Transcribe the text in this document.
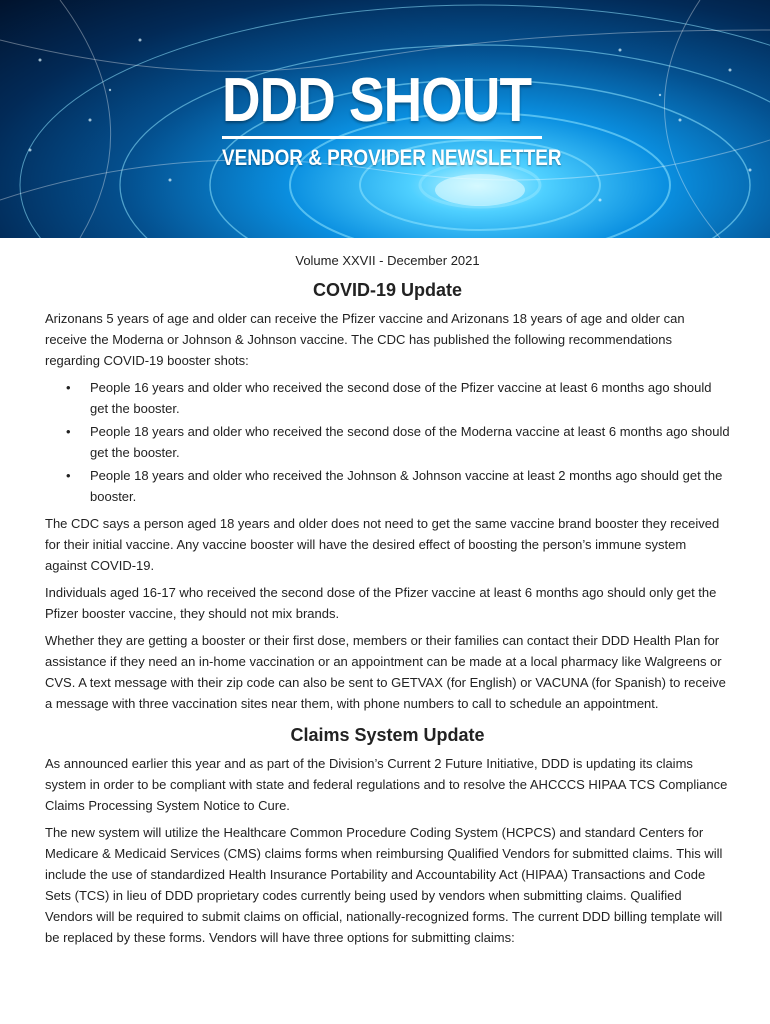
DDD SHOUT
VENDOR & PROVIDER NEWSLETTER
Volume XXVII - December 2021
COVID-19 Update

Arizonans 5 years of age and older can receive the Pfizer vaccine and Arizonans 18 years of age and older can receive the Moderna or Johnson & Johnson vaccine. The CDC has published the following recommendations regarding COVID-19 booster shots:

• People 16 years and older who received the second dose of the Pfizer vaccine at least 6 months ago should get the booster.
• People 18 years and older who received the second dose of the Moderna vaccine at least 6 months ago should get the booster.
• People 18 years and older who received the Johnson & Johnson vaccine at least 2 months ago should get the booster.

The CDC says a person aged 18 years and older does not need to get the same vaccine brand booster they received for their initial vaccine. Any vaccine booster will have the desired effect of boosting the person’s immune system against COVID-19.

Individuals aged 16-17 who received the second dose of the Pfizer vaccine at least 6 months ago should only get the Pfizer booster vaccine, they should not mix brands.

Whether they are getting a booster or their first dose, members or their families can contact their DDD Health Plan for assistance if they need an in-home vaccination or an appointment can be made at a local pharmacy like Walgreens or CVS. A text message with their zip code can also be sent to GETVAX (for English) or VACUNA (for Spanish) to receive a message with three vaccination sites near them, with phone numbers to call to schedule an appointment.

Claims System Update

As announced earlier this year and as part of the Division’s Current 2 Future Initiative, DDD is updating its claims system in order to be compliant with state and federal regulations and to resolve the AHCCCS HIPAA TCS Compliance Claims Processing System Notice to Cure.

The new system will utilize the Healthcare Common Procedure Coding System (HCPCS) and standard Centers for Medicare & Medicaid Services (CMS) claims forms when reimbursing Qualified Vendors for submitted claims. This will include the use of standardized Health Insurance Portability and Accountability Act (HIPAA) Transactions and Code Sets (TCS) in lieu of DDD proprietary codes currently being used by vendors when submitting claims. Qualified Vendors will be required to submit claims on official, nationally-recognized forms. The current DDD billing template will be replaced by these forms. Vendors will have three options for submitting claims:
